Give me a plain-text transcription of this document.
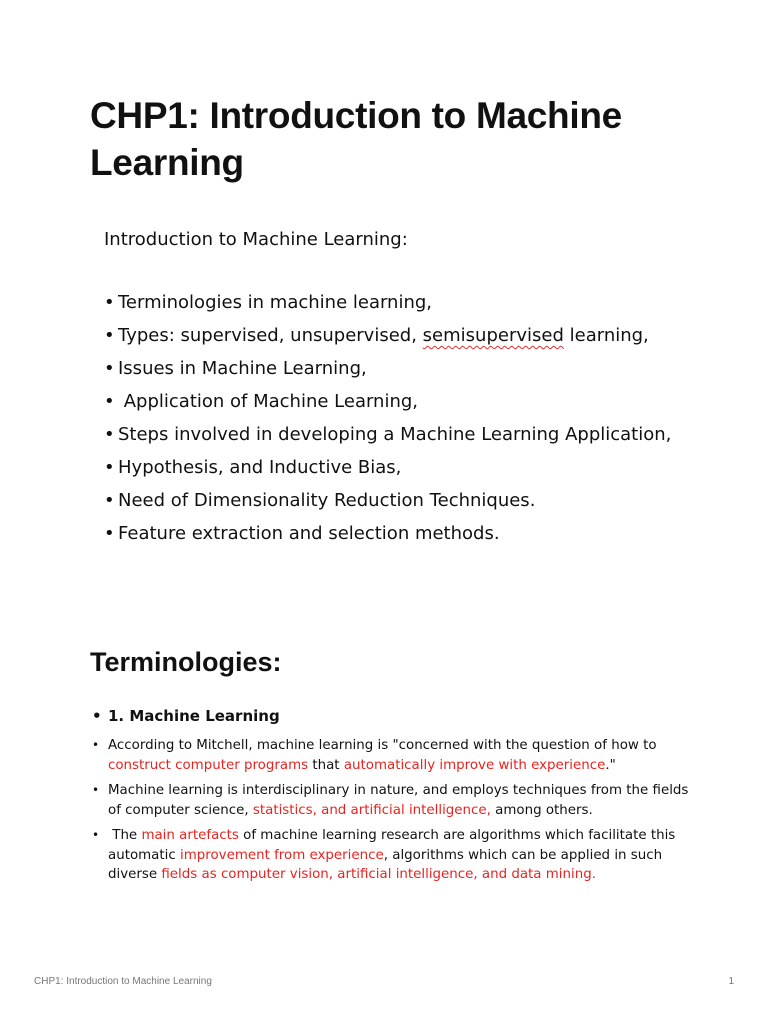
CHP1: Introduction to Machine Learning

Introduction to Machine Learning:

• Terminologies in machine learning,
• Types: supervised, unsupervised, semisupervised learning,
• Issues in Machine Learning,
• Application of Machine Learning,
• Steps involved in developing a Machine Learning Application,
• Hypothesis, and Inductive Bias,
• Need of Dimensionality Reduction Techniques.
• Feature extraction and selection methods.
Terminologies:

• 1. Machine Learning

• According to Mitchell, machine learning is "concerned with the question of how to construct computer programs that automatically improve with experience."
• Machine learning is interdisciplinary in nature, and employs techniques from the fields of computer science, statistics, and artificial intelligence, among others.
• The main artefacts of machine learning research are algorithms which facilitate this automatic improvement from experience, algorithms which can be applied in such diverse fields as computer vision, artificial intelligence, and data mining.

CHP1: Introduction to Machine Learning	1
